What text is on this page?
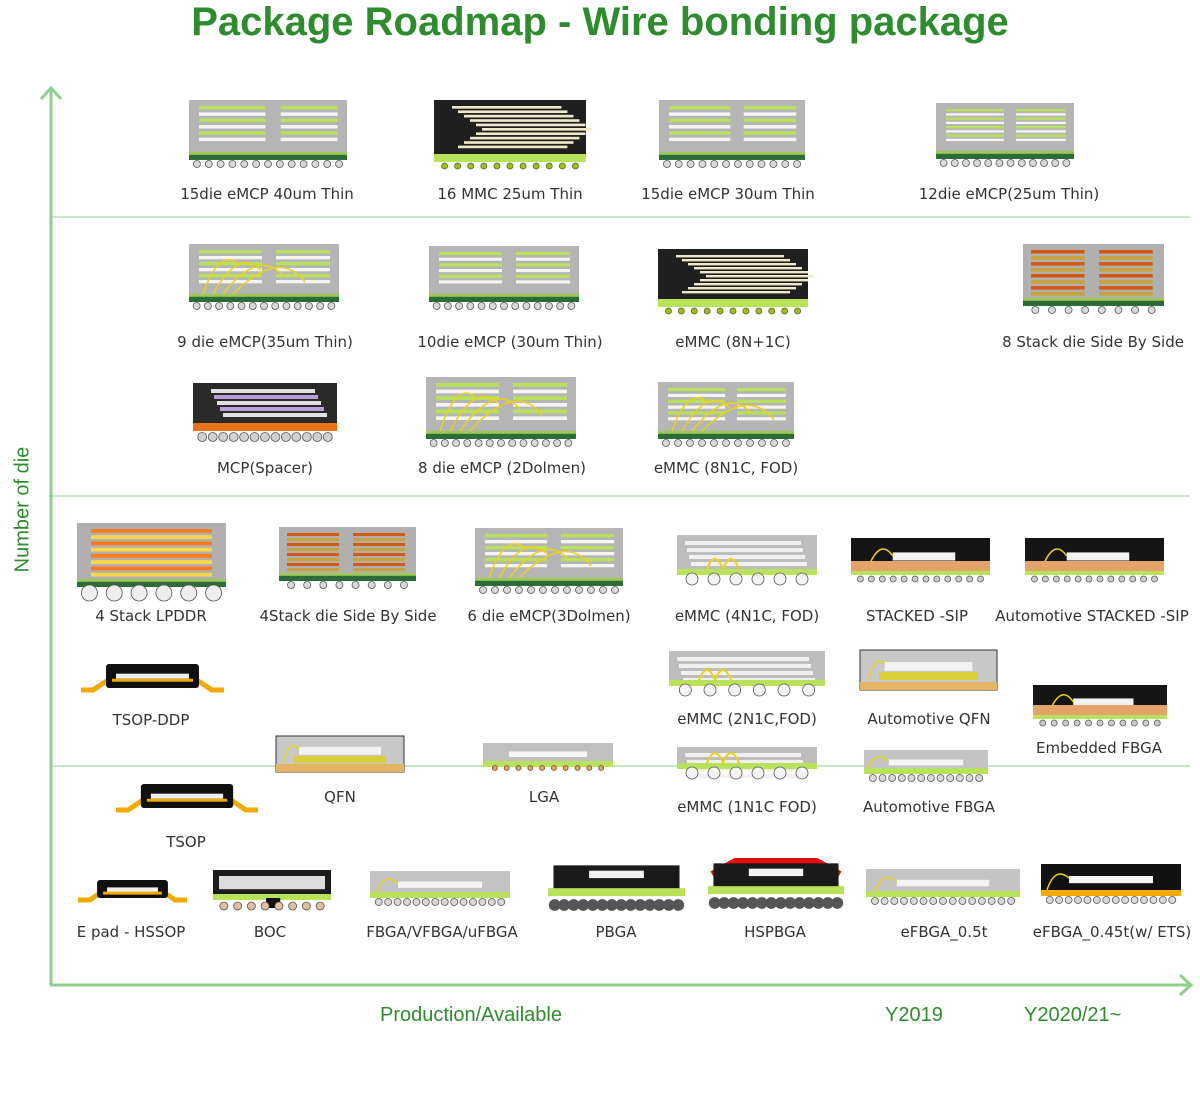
Package Roadmap - Wire bonding package
Number of die
Production/Available	Y2019	Y2020/21~
15die eMCP 40um Thin	16 MMC 25um Thin	15die eMCP 30um Thin	12die eMCP(25um Thin)
9 die eMCP(35um Thin)	10die eMCP (30um Thin)	eMMC (8N+1C)	8 Stack die Side By Side
MCP(Spacer)	8 die eMCP (2Dolmen)	eMMC (8N1C, FOD)
4 Stack LPDDR	4Stack die Side By Side 6 die eMCP(3Dolmen)	eMMC (4N1C, FOD)	STACKED -SIP Automotive STACKED -SIP
TSOP-DDP	eMMC (2N1C,FOD)	Automotive QFN
Embedded FBGA
QFN	LGA
eMMC (1N1C FOD)	Automotive FBGA
TSOP
E pad - HSSOP	BOC	FBGA/VFBGA/uFBGA	PBGA	HSPBGA	eFBGA_0.5t	eFBGA_0.45t(w/ ETS)
